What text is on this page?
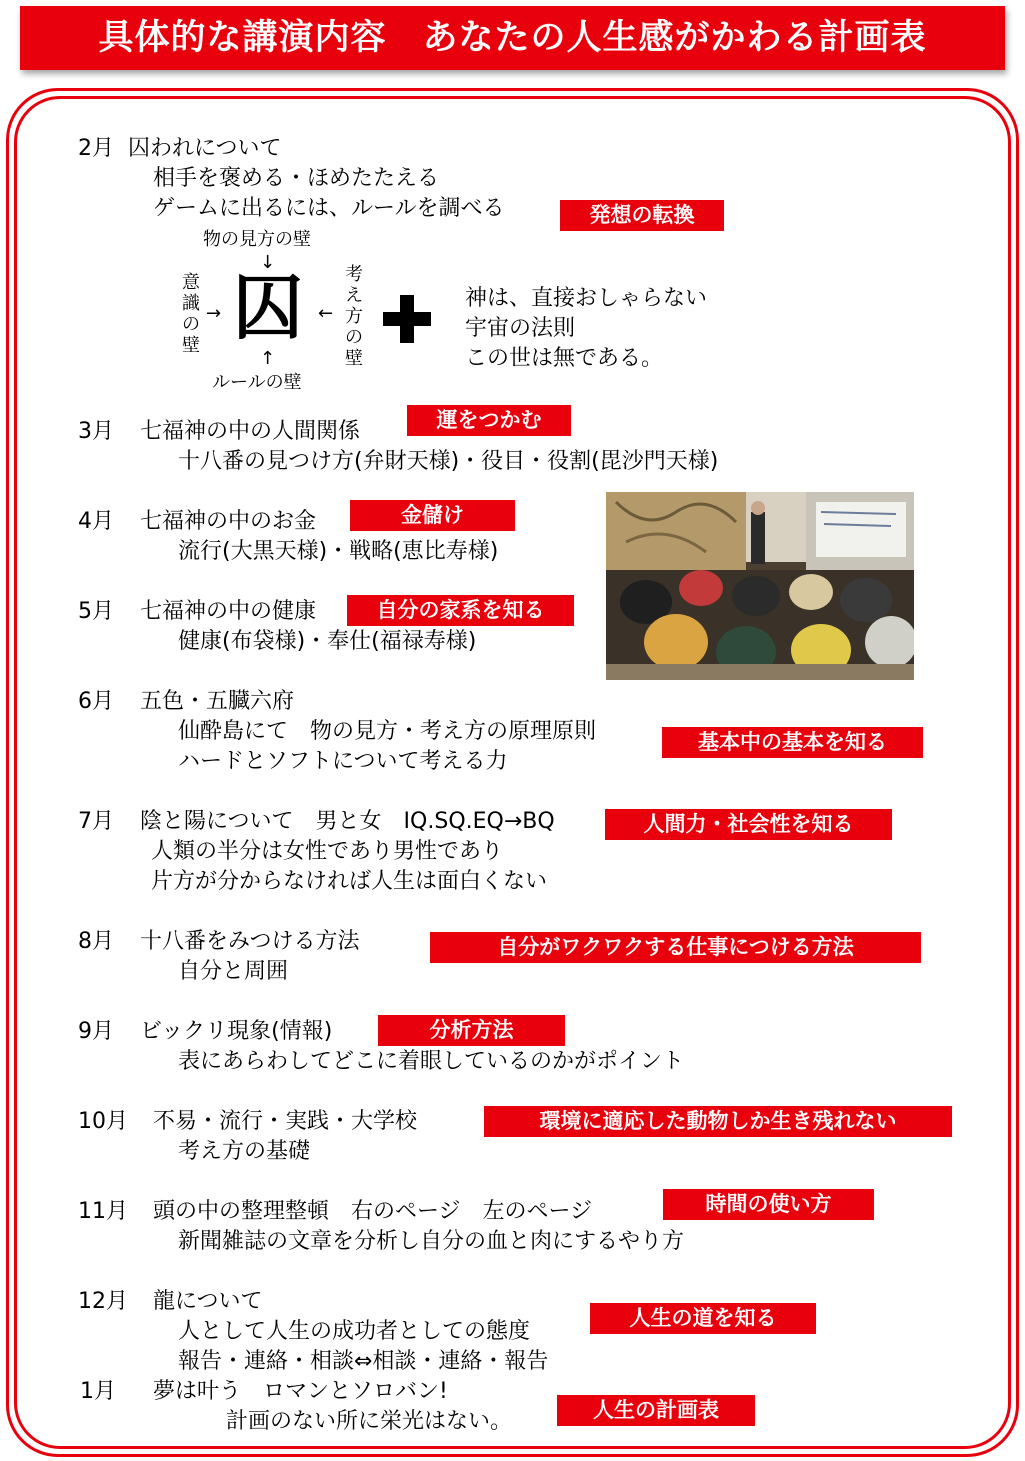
具体的な講演内容　あなたの人生感がかわる計画表
2月 囚われについて
相手を褒める・ほめたたえる
ゲームに出るには、ルールを調べる	発想の転換
物の見方の壁
↓
意識の壁
→ 囚 ←
考え方の壁
↑
ルールの壁
神は、直接おしゃらない
宇宙の法則
この世は無である。
3月 七福神の中の人間関係	運をつかむ
十八番の見つけ方(弁財天様)・役目・役割(毘沙門天様)
4月 七福神の中のお金	金儲け
流行(大黒天様)・戦略(恵比寿様)
5月 七福神の中の健康	自分の家系を知る
健康(布袋様)・奉仕(福禄寿様)
6月 五色・五臓六府
仙酔島にて　物の見方・考え方の原理原則
ハードとソフトについて考える力
基本中の基本を知る
7月 陰と陽について　男と女　IQ.SQ.EQ→BQ	人間力・社会性を知る
人類の半分は女性であり男性であり
片方が分からなければ人生は面白くない
8月 十八番をみつける方法	自分がワクワクする仕事につける方法
自分と周囲
9月 ビックリ現象(情報)	分析方法
表にあらわしてどこに着眼しているのかがポイント
10月 不易・流行・実践・大学校	環境に適応した動物しか生き残れない
考え方の基礎
11月 頭の中の整理整頓　右のページ　左のページ	時間の使い方
新聞雑誌の文章を分析し自分の血と肉にするやり方
12月 龍について
人として人生の成功者としての態度
人生の道を知る
報告・連絡・相談⇔相談・連絡・報告
1月 夢は叶う　ロマンとソロバン!
計画のない所に栄光はない。	人生の計画表
